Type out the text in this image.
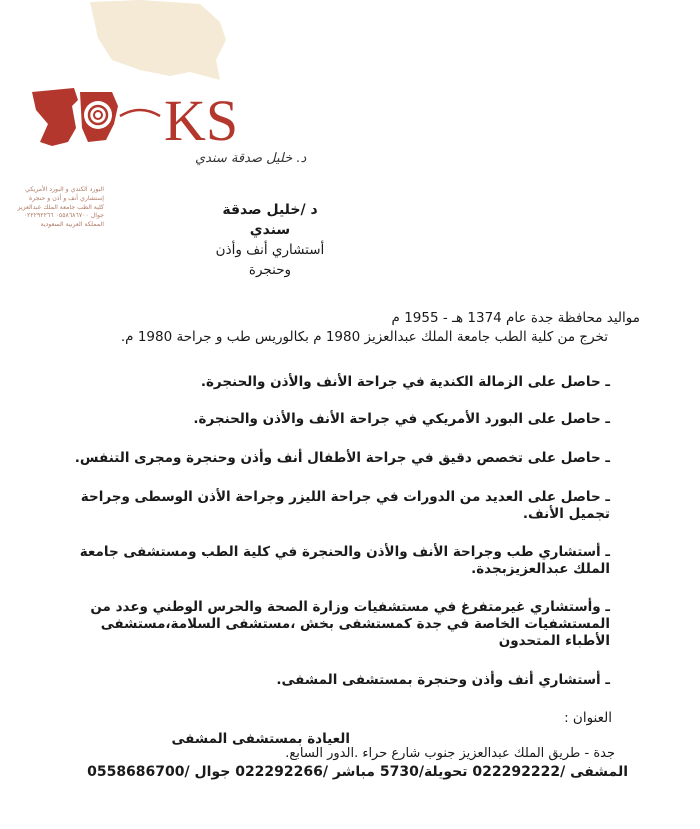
KS
د. خليل صدقة سندي
البورد الكندي و البورد الأمريكي
إستشاري أنف و أذن و حنجرة
كلية الطب جامعة الملك عبدالعزيز
جوال ٠٥٥٨٦٨٦٧٠٠ ٠٢٢٢٩٢٢٦٦
المملكة العربية السعودية
د /خليل صدقة سندي
أستشاري أنف وأذن وحنجرة
مواليد محافظة جدة عام 1374 هـ - 1955 م
تخرج من كلية الطب جامعة الملك عبدالعزيز 1980 م بكالوريس طب و جراحة 1980 م.
ـ حاصل على الزمالة الكندية في جراحة الأنف والأذن والحنجرة.
ـ حاصل على البورد الأمريكي في جراحة الأنف والأذن والحنجرة.
ـ حاصل على تخصص دقيق في جراحة الأطفال أنف وأذن وحنجرة ومجرى التنفس.
ـ حاصل على العديد من الدورات في جراحة الليزر وجراحة الأذن الوسطى وجراحة تجميل الأنف.
ـ أستشاري طب وجراحة الأنف والأذن والحنجرة في كلية الطب ومستشفى جامعة الملك عبدالعزيزبجدة.
ـ وأستشاري غيرمتفرغ في مستشفيات وزارة الصحة والحرس الوطني وعدد من المستشفيات الخاصة في جدة كمستشفى بخش ،مستشفى السلامة،مستشفى الأطباء المتحدون
ـ أستشاري أنف وأذن وحنجرة بمستشفى المشفى.
العنوان :
العيادة بمستشفى المشفى
جدة - طريق الملك عبدالعزيز جنوب شارع حراء .الدور السابع.
المشفى /022292222 تحويلة/5730 مباشر /022292266 جوال /0558686700
